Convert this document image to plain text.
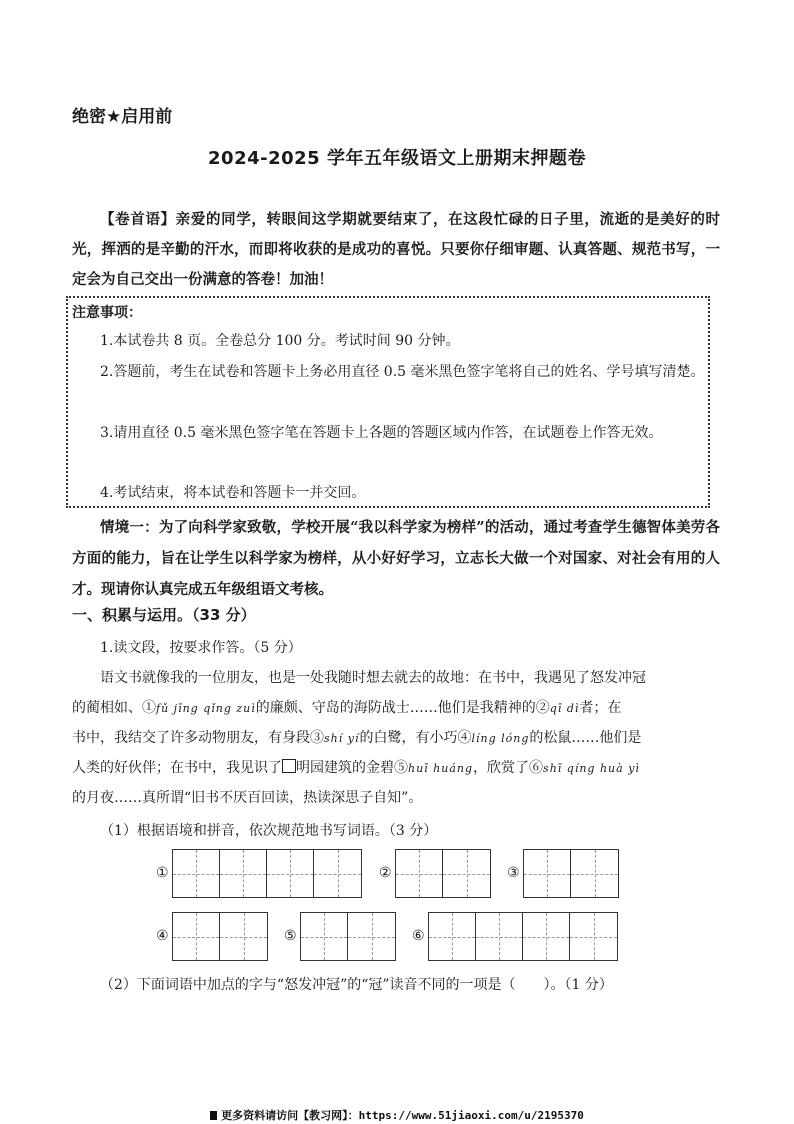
绝密★启用前
2024-2025 学年五年级语文上册期末押题卷
【卷首语】亲爱的同学，转眼间这学期就要结束了，在这段忙碌的日子里，流逝的是美好的时光，挥洒的是辛勤的汗水，而即将收获的是成功的喜悦。只要你仔细审题、认真答题、规范书写，一定会为自己交出一份满意的答卷！加油！
注意事项：
1.本试卷共 8 页。全卷总分 100 分。考试时间 90 分钟。
2.答题前，考生在试卷和答题卡上务必用直径 0.5 毫米黑色签字笔将自己的姓名、学号填写清楚。
3.请用直径 0.5 毫米黑色签字笔在答题卡上各题的答题区域内作答，在试题卷上作答无效。
4.考试结束，将本试卷和答题卡一并交回。
情境一：为了向科学家致敬，学校开展“我以科学家为榜样”的活动，通过考查学生德智体美劳各方面的能力，旨在让学生以科学家为榜样，从小好好学习，立志长大做一个对国家、对社会有用的人才。现请你认真完成五年级组语文考核。
一、积累与运用。（33 分）
1.读文段，按要求作答。（5 分）
语文书就像我的一位朋友，也是一处我随时想去就去的故地：在书中，我遇见了怒发冲冠
的蔺相如、①fǔ jīng qǐng zuì的廉颇、守岛的海防战士……他们是我精神的②qī dì者；在
书中，我结交了许多动物朋友，有身段③shí yí的白鹭，有小巧④líng lóng的松鼠……他们是
人类的好伙伴；在书中，我见识了 明园建筑的金碧⑤huī huáng，欣赏了⑥shī qíng huà yì
的月夜……真所谓“旧书不厌百回读，热读深思子自知”。
（1）根据语境和拼音，依次规范地书写词语。（3 分）
①	②	③
④	⑤	⑥
（2）下面词语中加点的字与“怒发冲冠”的“冠”读音不同的一项是（　　）。（1 分）
更多资料请访问【教习网】：https://www.51jiaoxi.com/u/2195370
